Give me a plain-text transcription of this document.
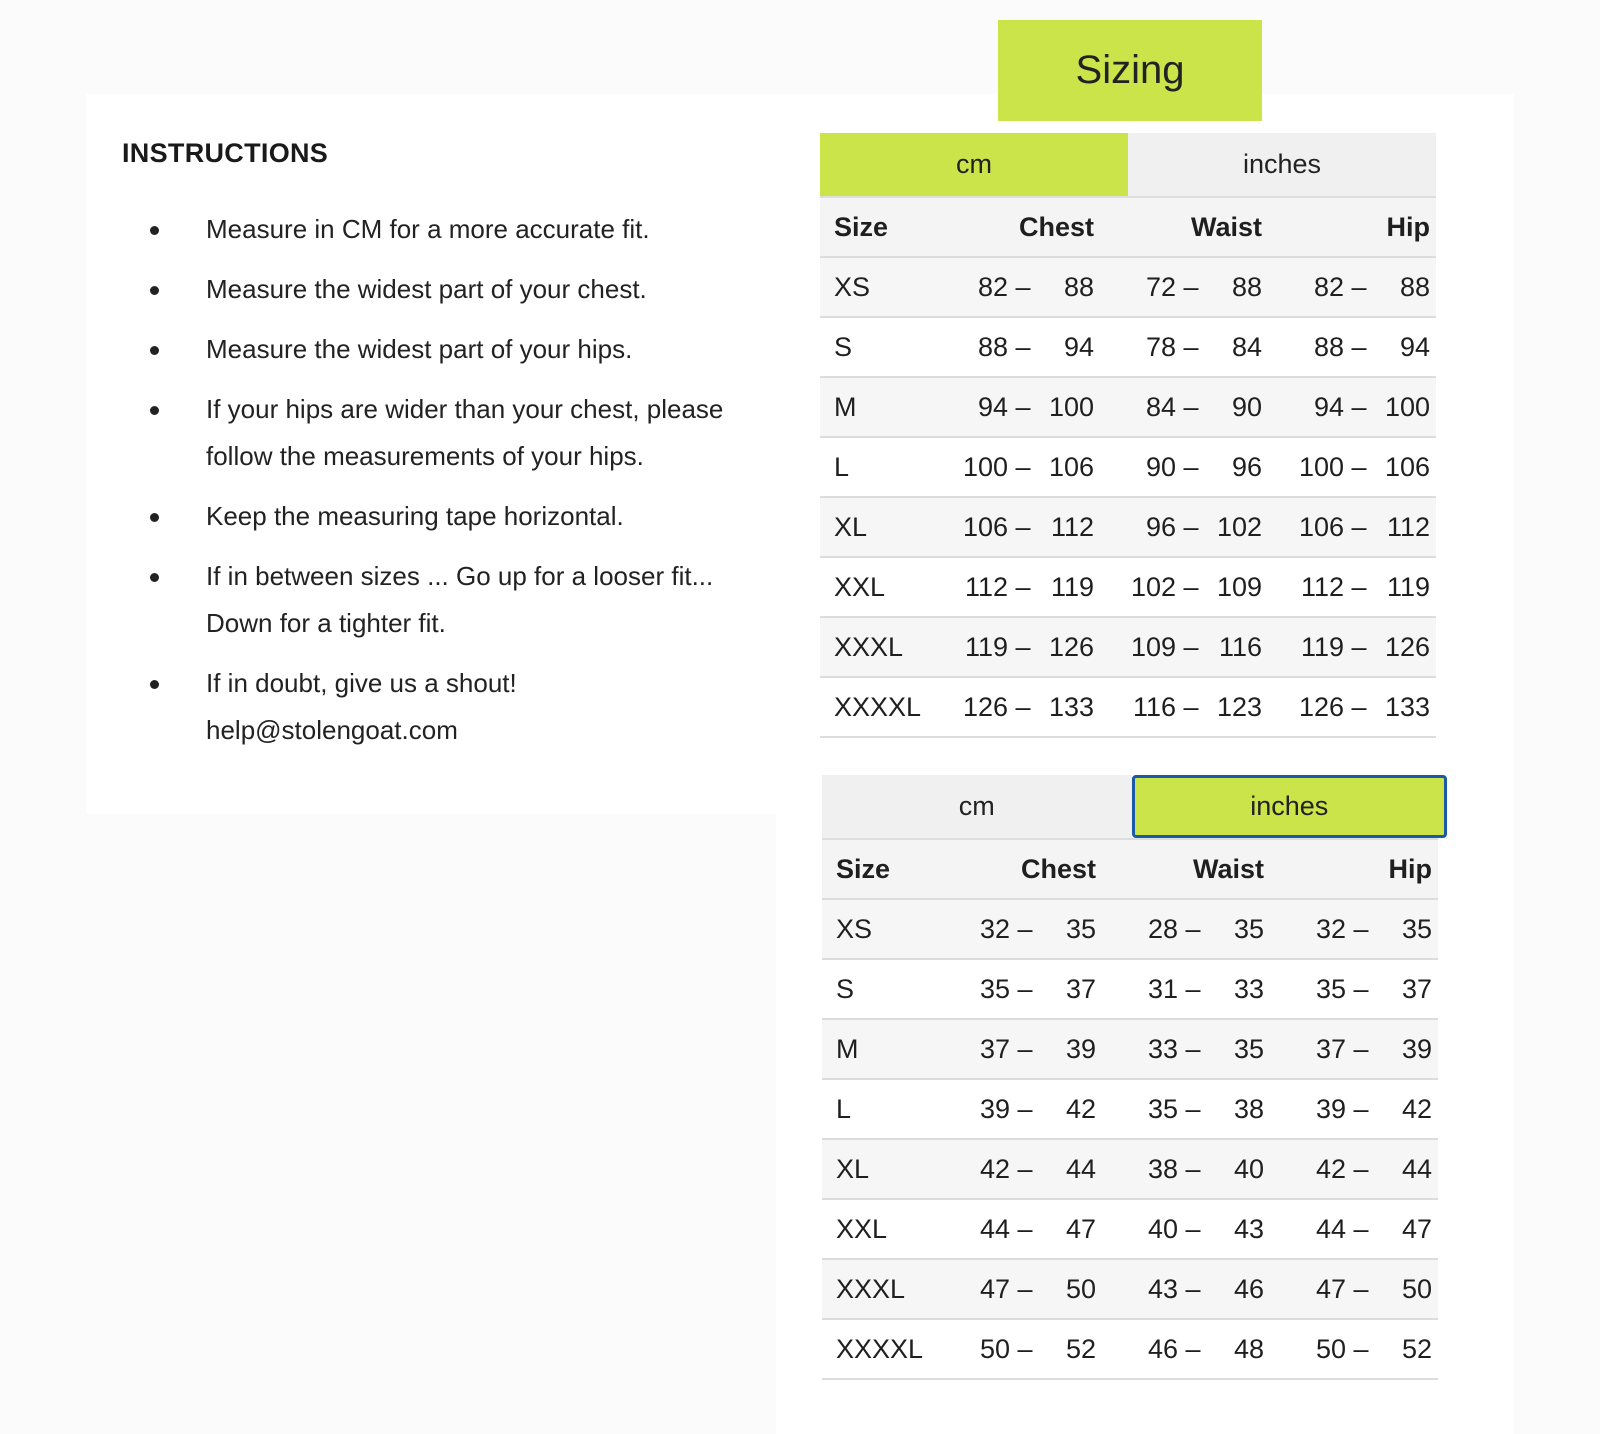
INSTRUCTIONS
Measure in CM for a more accurate fit.
Measure the widest part of your chest.
Measure the widest part of your hips.
If your hips are wider than your chest, please
follow the measurements of your hips.
Keep the measuring tape horizontal.
If in between sizes ... Go up for a looser fit...
Down for a tighter fit.
If in doubt, give us a shout!
help@stolengoat.com
Sizing
cm	inches
Size	Chest	Waist	Hip
XS	82 –	88	72 –	88	82 –	88
S	88 –	94	78 –	84	88 –	94
M	94 – 100	84 –	90	94 – 100
L	100 – 106	90 –	96	100 – 106
XL	106 – 112	96 – 102	106 – 112
XXL	112 – 119	102 – 109	112 – 119
XXXL	119 – 126	109 – 116	119 – 126
XXXXL	126 – 133	116 – 123	126 – 133
cm	inches
Size	Chest	Waist	Hip
XS	32 –	35	28 –	35	32 –	35
S	35 –	37	31 –	33	35 –	37
M	37 –	39	33 –	35	37 –	39
L	39 –	42	35 –	38	39 –	42
XL	42 –	44	38 –	40	42 –	44
XXL	44 –	47	40 –	43	44 –	47
XXXL	47 –	50	43 –	46	47 –	50
XXXXL	50 –	52	46 –	48	50 –	52
